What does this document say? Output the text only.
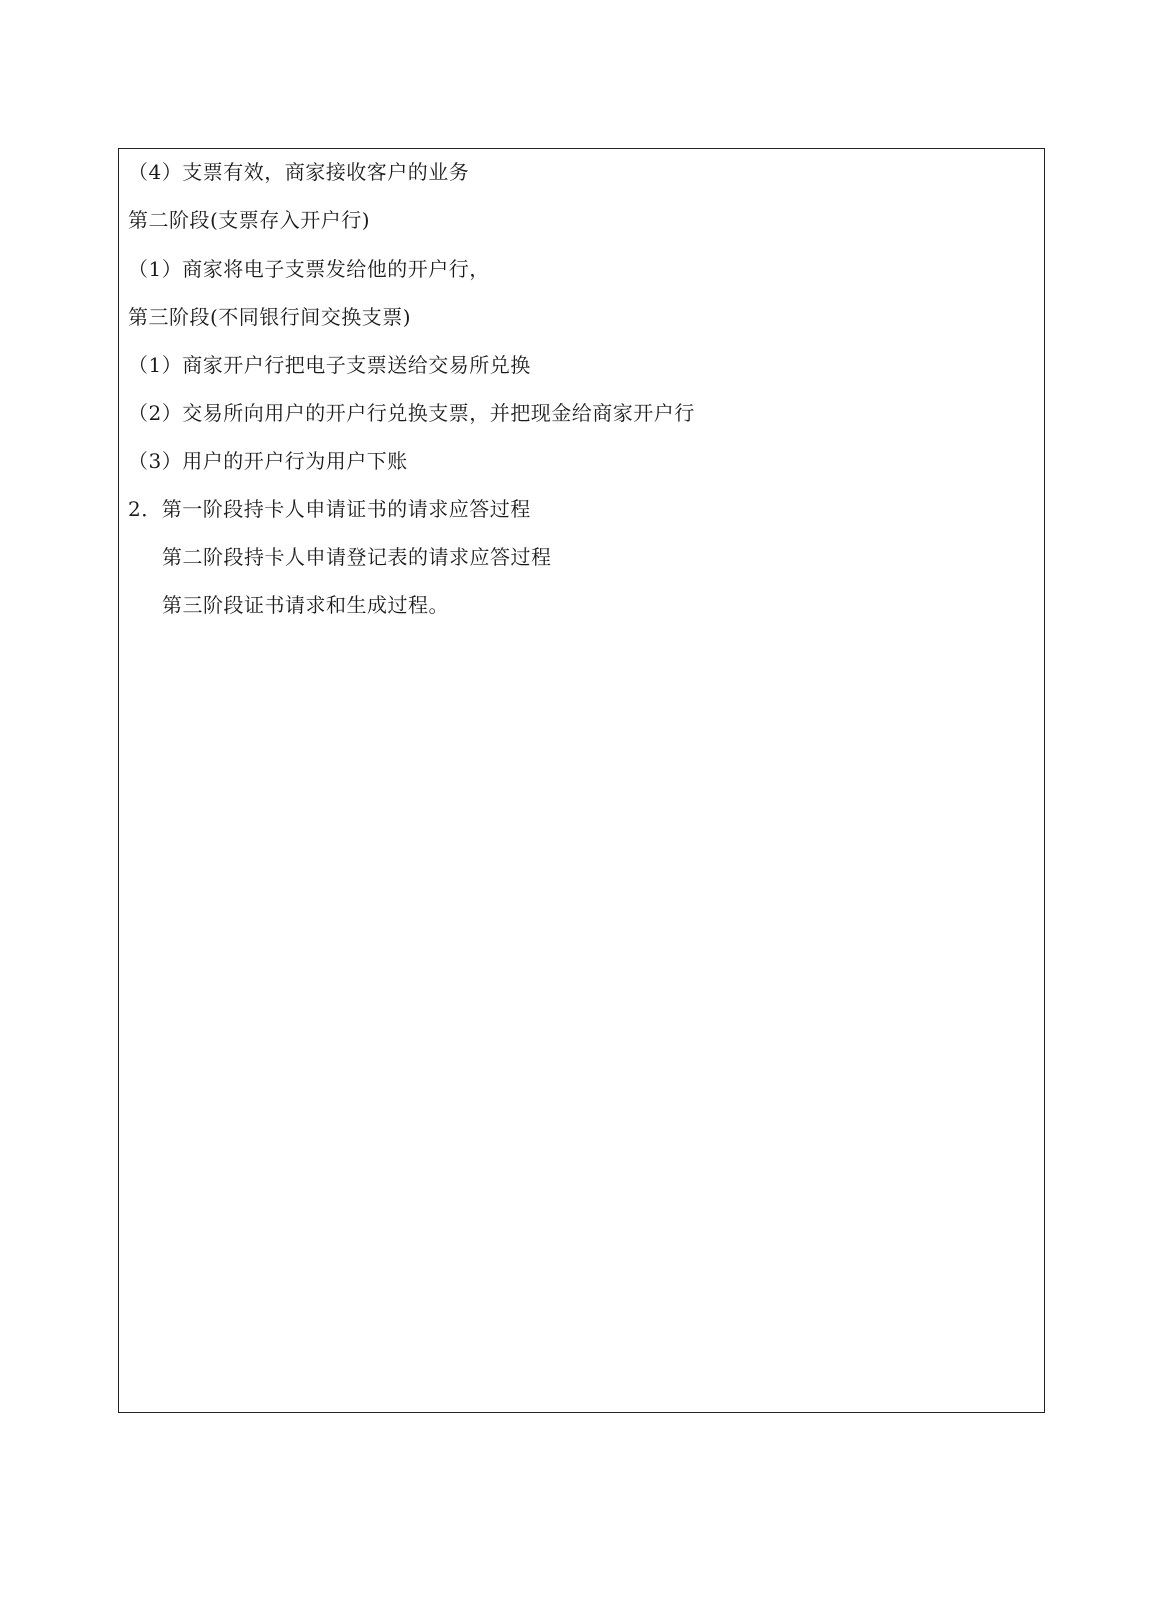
（4）支票有效，商家接收客户的业务
第二阶段(支票存入开户行)
（1）商家将电子支票发给他的开户行，
第三阶段(不同银行间交换支票)
（1）商家开户行把电子支票送给交易所兑换
（2）交易所向用户的开户行兑换支票，并把现金给商家开户行
（3）用户的开户行为用户下账
2．第一阶段持卡人申请证书的请求应答过程
第二阶段持卡人申请登记表的请求应答过程
第三阶段证书请求和生成过程。
